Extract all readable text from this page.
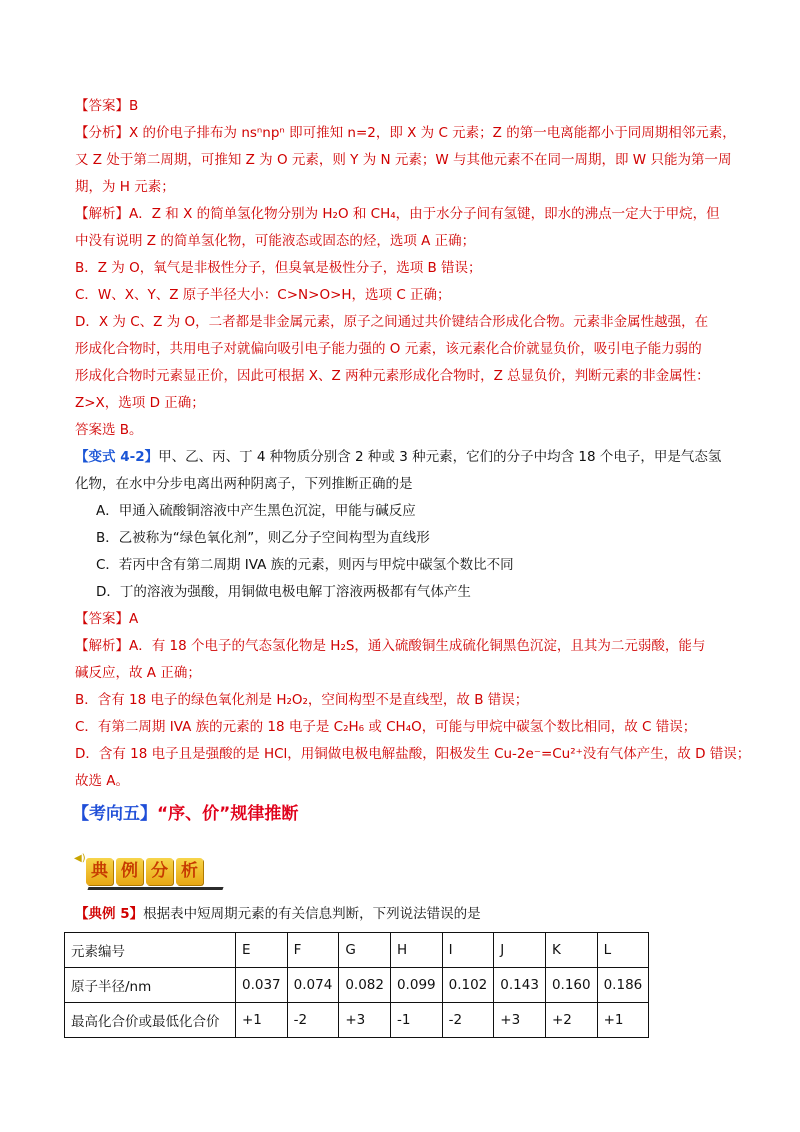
【答案】B
【分析】X 的价电子排布为 nsⁿnpⁿ 即可推知 n=2，即 X 为 C 元素；Z 的第一电离能都小于同周期相邻元素，
又 Z 处于第二周期，可推知 Z 为 O 元素，则 Y 为 N 元素；W 与其他元素不在同一周期，即 W 只能为第一周
期，为 H 元素；
【解析】A．Z 和 X 的简单氢化物分别为 H₂O 和 CH₄，由于水分子间有氢键，即水的沸点一定大于甲烷，但
中没有说明 Z 的简单氢化物，可能液态或固态的烃，选项 A 正确；
B．Z 为 O，氧气是非极性分子，但臭氧是极性分子，选项 B 错误；
C．W、X、Y、Z 原子半径大小：C>N>O>H，选项 C 正确；
D．X 为 C、Z 为 O，二者都是非金属元素，原子之间通过共价键结合形成化合物。元素非金属性越强，在
形成化合物时，共用电子对就偏向吸引电子能力强的 O 元素，该元素化合价就显负价，吸引电子能力弱的
形成化合物时元素显正价，因此可根据 X、Z 两种元素形成化合物时，Z 总显负价，判断元素的非金属性：
Z>X，选项 D 正确；
答案选 B。
【变式 4-2】甲、乙、丙、丁 4 种物质分别含 2 种或 3 种元素，它们的分子中均含 18 个电子，甲是气态氢
化物，在水中分步电离出两种阴离子，下列推断正确的是
A．甲通入硫酸铜溶液中产生黑色沉淀，甲能与碱反应
B．乙被称为“绿色氧化剂”，则乙分子空间构型为直线形
C．若丙中含有第二周期 IVA 族的元素，则丙与甲烷中碳氢个数比不同
D．丁的溶液为强酸，用铜做电极电解丁溶液两极都有气体产生
【答案】A
【解析】A．有 18 个电子的气态氢化物是 H₂S，通入硫酸铜生成硫化铜黑色沉淀，且其为二元弱酸，能与
碱反应，故 A 正确；
B．含有 18 电子的绿色氧化剂是 H₂O₂，空间构型不是直线型，故 B 错误；
C．有第二周期 IVA 族的元素的 18 电子是 C₂H₆ 或 CH₄O，可能与甲烷中碳氢个数比相同，故 C 错误；
D．含有 18 电子且是强酸的是 HCl，用铜做电极电解盐酸，阳极发生 Cu-2e⁻=Cu²⁺没有气体产生，故 D 错误；
故选 A。
【考向五】“序、价”规律推断
◀)
典 例 分 析
【典例 5】根据表中短周期元素的有关信息判断，下列说法错误的是
元素编号	E	F	G	H	I	J	K	L
原子半径/nm	0.037	0.074	0.082	0.099	0.102	0.143	0.160	0.186
最高化合价或最低化合价	+1	-2	+3	-1	-2	+3	+2	+1
